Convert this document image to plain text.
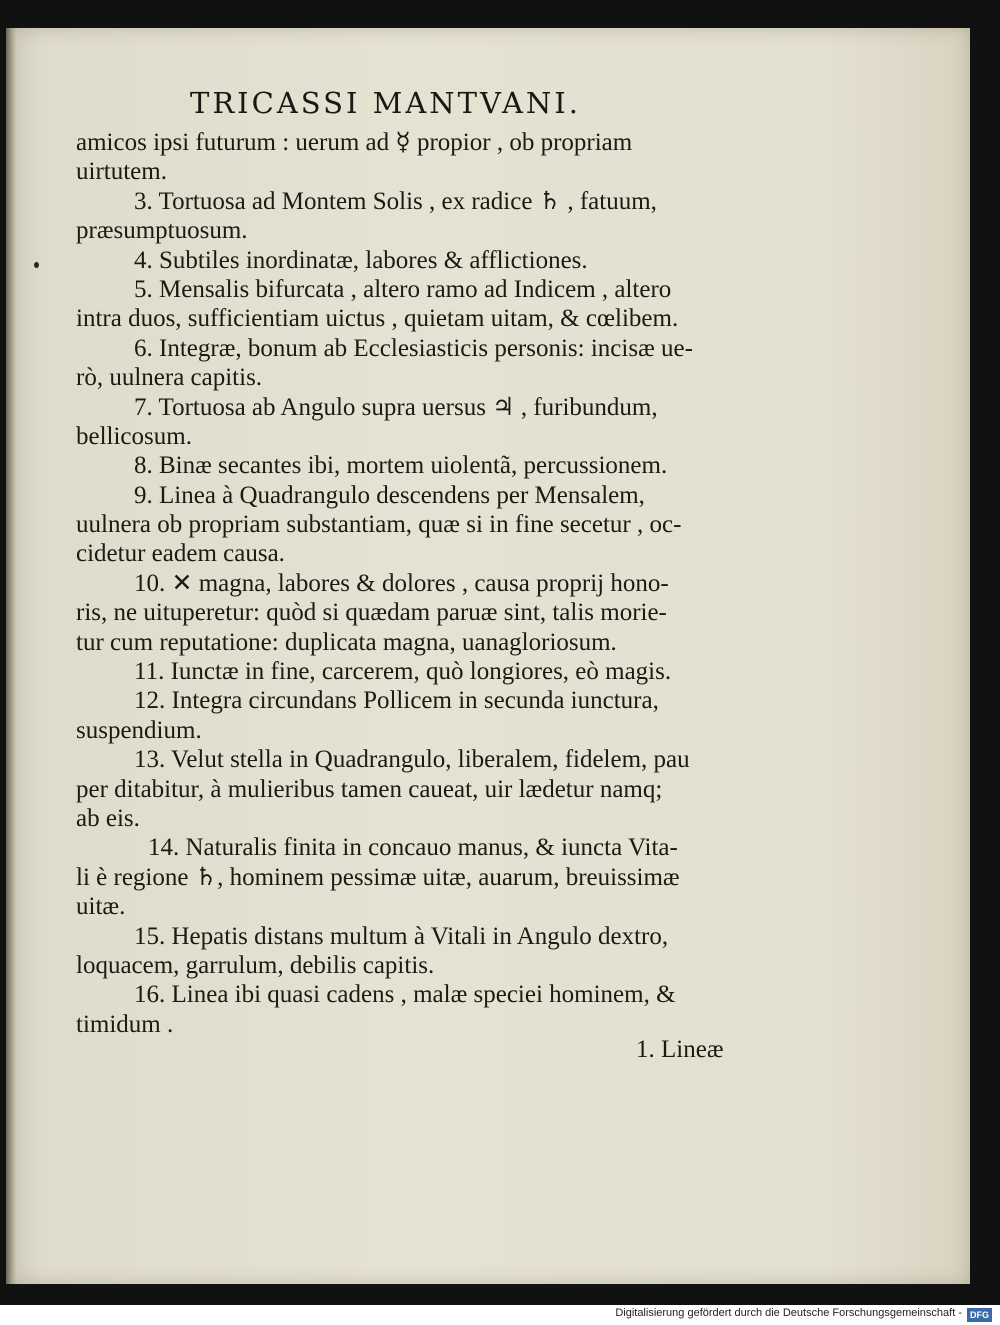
TRICASSI MANTVANI.
amicos ipsi futurum : uerum ad ☿ propior , ob propriam
uirtutem.
3. Tortuosa ad Montem Solis , ex radice ♄ , fatuum,
præsumptuosum.
4. Subtiles inordinatæ, labores & afflictiones.
5. Mensalis bifurcata , altero ramo ad Indicem , altero
intra duos, sufficientiam uictus , quietam uitam, & cœlibem.
6. Integræ, bonum ab Ecclesiasticis personis: incisæ ue-
rò, uulnera capitis.
7. Tortuosa ab Angulo supra uersus ♃ , furibundum,
bellicosum.
8. Binæ secantes ibi, mortem uiolentã, percussionem.
9. Linea à Quadrangulo descendens per Mensalem,
uulnera ob propriam substantiam, quæ si in fine secetur , oc-
cidetur eadem causa.
10. ✕ magna, labores & dolores , causa proprij hono-
ris, ne uituperetur: quòd si quædam paruæ sint, talis morie-
tur cum reputatione: duplicata magna, uanagloriosum.
11. Iunctæ in fine, carcerem, quò longiores, eò magis.
12. Integra circundans Pollicem in secunda iunctura,
suspendium.
13. Velut stella in Quadrangulo, liberalem, fidelem, pau
per ditabitur, à mulieribus tamen caueat, uir lædetur namq;
ab eis.
14. Naturalis finita in concauo manus, & iuncta Vita-
li è regione ♄, hominem pessimæ uitæ, auarum, breuissimæ
uitæ.
15. Hepatis distans multum à Vitali in Angulo dextro,
loquacem, garrulum, debilis capitis.
16. Linea ibi quasi cadens , malæ speciei hominem, &
timidum .
1. Lineæ
Digitalisierung gefördert durch die Deutsche Forschungsgemeinschaft - DFG
